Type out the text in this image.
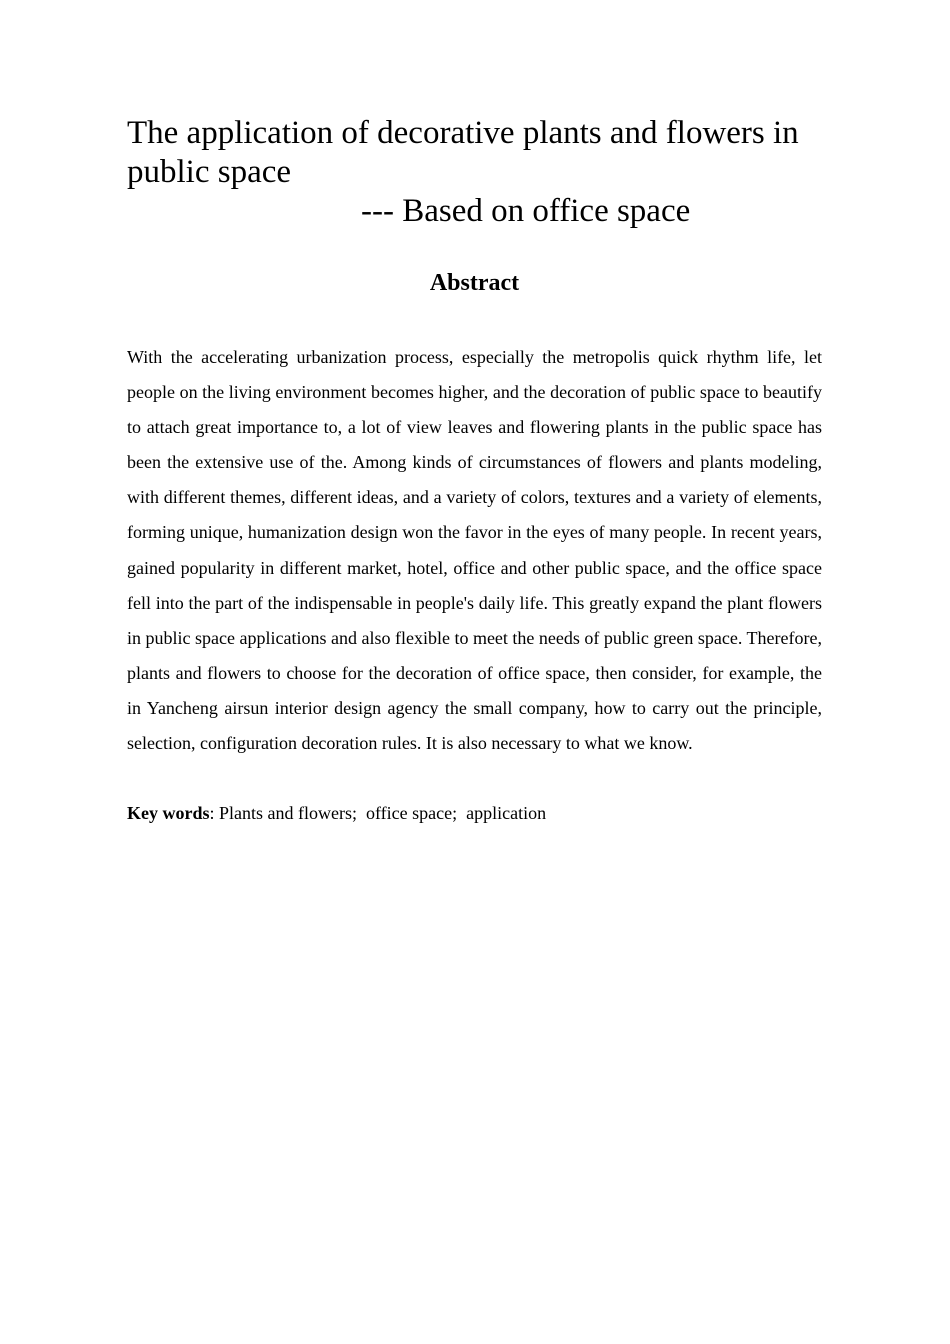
The application of decorative plants and flowers in public space
--- Based on office space
Abstract

With the accelerating urbanization process, especially the metropolis quick rhythm life, let people on the living environment becomes higher, and the decoration of public space to beautify to attach great importance to, a lot of view leaves and flowering plants in the public space has been the extensive use of the. Among kinds of circumstances of flowers and plants modeling, with different themes, different ideas, and a variety of colors, textures and a variety of elements, forming unique, humanization design won the favor in the eyes of many people. In recent years, gained popularity in different market, hotel, office and other public space, and the office space fell into the part of the indispensable in people's daily life. This greatly expand the plant flowers in public space applications and also flexible to meet the needs of public green space. Therefore, plants and flowers to choose for the decoration of office space, then consider, for example, the in Yancheng airsun interior design agency the small company, how to carry out the principle, selection, configuration decoration rules. It is also necessary to what we know.

Key words: Plants and flowers;  office space;  application
